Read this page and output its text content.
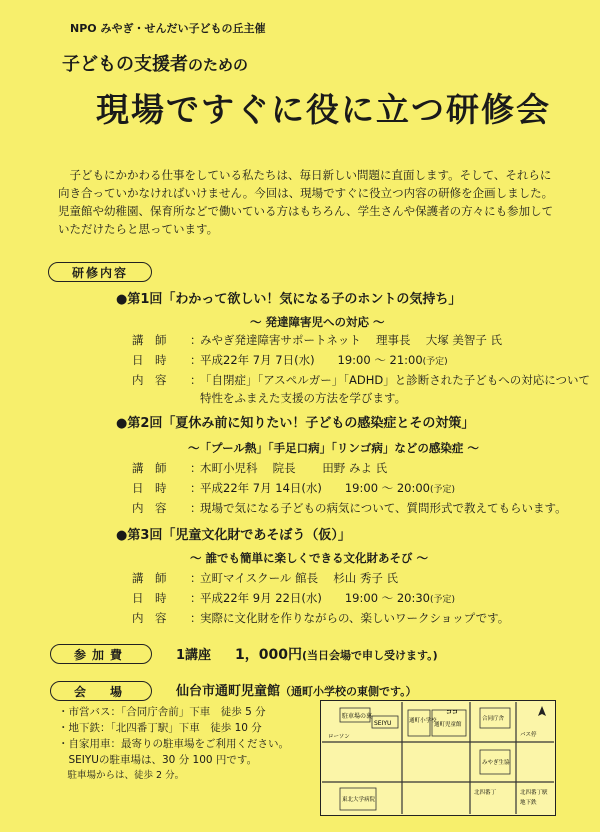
NPO みやぎ・せんだい子どもの丘主催
子どもの支援者のための
現場ですぐに役に立つ研修会

子どもにかかわる仕事をしている私たちは、毎日新しい問題に直面します。そして、それらに

向き合っていかなければいけません。今回は、現場ですぐに役立つ内容の研修を企画しました。
児童館や幼稚園、保育所などで働いている方はもちろん、学生さんや保護者の方々にも参加して
いただけたらと思っています。
研修内容
●第1回「わかって欲しい！気になる子のホントの気持ち」
～ 発達障害児への対応 ～
講　師 ：みやぎ発達障害サポートネット　 理事長　 大塚 美智子 氏
日　時 ：平成22年 7月 7日(水)　　19:00 ～ 21:00(予定)
内　容 ：「自閉症」「アスペルガー」「ADHD」と診断された子どもへの対応について
特性をふまえた支援の方法を学びます。
●第2回「夏休み前に知りたい！子どもの感染症とその対策」
～「プール熱」「手足口病」「リンゴ病」などの感染症 ～
講　師 ：木町小児科　 院長　　 田野 みよ 氏
日　時 ：平成22年 7月 14日(水)　　19:00 ～ 20:00(予定)
内　容 ：現場で気になる子どもの病気について、質問形式で教えてもらいます。
●第3回「児童文化財であそぼう（仮）」
～ 誰でも簡単に楽しくできる文化財あそび ～
講　師 ：立町マイスクール 館長　 杉山 秀子 氏
日　時 ：平成22年 9月 22日(水)　　19:00 ～ 20:30(予定)
内　容 ：実際に文化財を作りながらの、楽しいワークショップです。
参加費	1講座 1，000円(当日会場で申し受けます。)
会　場	仙台市通町児童館（通町小学校の東側です。）
・市営バス：「合同庁舎前」下車　徒歩 5 分
・地下鉄：「北四番丁駅」下車　徒歩 10 分
・自家用車：最寄りの駐車場をご利用ください。
　SEIYUの駐車場は、30 分 100 円です。
　駐車場からは、徒歩 2 分。
駐車場の裏
SEIYU
ローソン
通町小学校
通町児童館
ココ
合同庁舎
バス停
みやぎ生協
東北大学病院
北四番丁	北四番丁駅
地下鉄
